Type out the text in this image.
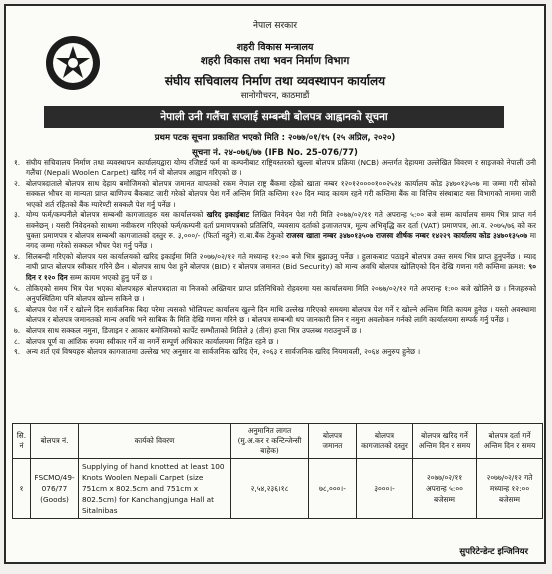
नेपाल सरकार
शहरी विकास मन्त्रालय
शहरी विकास तथा भवन निर्माण विभाग
संघीय सचिवालय निर्माण तथा व्यवस्थापन कार्यालय
सानोगौचरन, काठमाडौं
नेपाली उनी गलैंचा सप्लाई सम्बन्धी बोलपत्र आह्वानको सूचना
प्रथम पटक सूचना प्रकाशित भएको मिति : २०७७/०१/१५ (२५ अप्रिल, २०२०)
सूचना नं. २४-०७६/७७ (IFB No. 25-076/77)
१. संघीय सचिवालय निर्माण तथा व्यवस्थापन कार्यालयद्वारा योग्य रजिष्टर्ड फर्म वा कम्पनीबाट राष्ट्रियस्तरको खुल्ला बोलपत्र प्रक्रिया (NCB) अन्तर्गत देहायमा उल्लेखित विवरण र साइजको नेपाली उनी गलैंचा (Nepali Woolen Carpet) खरिद गर्न यो बोलपत्र आह्वान गरिएको छ ।
२. बोलपत्रदाताले बोलपत्र साथ देहाय बमोजिमको बोलपत्र जमानत वापतको रकम नेपाल राष्ट्र बैंकमा रहेको खाता नम्बर १२०१२००००१००२५२४ कार्यालय कोड ३४७०१३५०७ मा जम्मा गरी सोको सक्कल भौचर वा मान्यता प्राप्त बाणिज्य बैंकबाट जारी गरेको बोलपत्र पेश गर्ने अन्तिम मिति कम्तिमा १२० दिन म्याद कायम रहने गरी कम्तिमा बैंक वा वित्तिय संस्थाबाट यस विभागको नाममा जारी भएको शर्त रहितको बैंक ग्यारेण्टी सक्कलै पेश गर्नु पर्नेछ ।
३. योग्य फर्म/कम्पनीले बोलपत्र सम्बन्धी कागजातहरु यस कार्यालयको खरिद इकाईबाट लिखित निवेदन पेश गरी मिति २०७७/०२/११ गते अपरान्ह ५:०० बजे सम्म कार्यालय समय भित्र प्राप्त गर्न सक्नेछन् । यसरी निवेदनको साथमा नवीकरण गरिएको फर्म/कम्पनी दर्ता प्रमाणपत्रको प्रतिलिपि, व्यवसाय दर्ताको इजाजतपत्र, मूल्य अभिवृद्धि कर दर्ता (VAT) प्रमाणपत्र, आ.व. २०७५/७६ को कर चुक्ता प्रमाणपत्र र बोलपत्र सम्बन्धी कागजातको दस्तुर रु. ३,०००/- (फिर्ता नहुने) रा.बा.बैंक टेकुको राजस्व खाता नम्बर ३४७०१३५०७ राजस्व शीर्षक नम्बर १४२२९ कार्यालय कोड ३४७०१३५०७ मा नगद जम्मा गरेको सक्कल भौचर पेश गर्नु पर्नेछ ।
४. सिलबन्दी गरिएको बोलपत्र यस कार्यालयको खरिद इकाईमा मिति २०७७/०२/१२ गते मध्यान्ह १२:०० बजे भित्र बुझाउनु पर्नेछ । हुलाकबाट पठाइने बोलपत्र उक्त समय भित्र प्राप्त हुनुपर्नेछ । म्याद नाघी प्राप्त बोलपत्र स्वीकार गरिने छैन । बोलपत्र साथ पेश हुने बोलपत्र (BID) र बोलपत्र जमानत (Bid Security) को मान्य अवधि बोलपत्र खोलिएको दिन देखि गणना गरी कम्तिमा क्रमश: ९० दिन र १२० दिन सम्म कायम भएको हुनु पर्ने छ ।
५. तोकिएको समय भित्र पेश भएका बोलपत्रहरु बोलपत्रदाता वा निजको अख्तियार प्राप्त प्रतिनिधिको रोहवरमा यस कार्यालयमा मिति २०७७/०२/१२ गते अपरान्ह १:०० बजे खोलिने छ । निजहरुको अनुपस्थितिमा पनि बोलपत्र खोल्न सकिने छ ।
६. बोलपत्र पेश गर्ने र खोल्ने दिन सार्वजनिक बिदा परेमा त्यसको भोलिपल्ट कार्यालय खुल्ने दिन माथि उल्लेख गरिएको समयमा बोलपत्र पेश गर्ने र खोल्ने अन्तिम मिति कायम हुनेछ । यस्तो अवस्थामा बोलपत्र र बोलपत्र जमानतको मान्य अवधि भने साबिक कै मिति देखि गणना गरिने छ । बोलपत्र सम्बन्धी थप जानकारी लिन र नमुना अवलोकन गर्नको लागि कार्यालयमा सम्पर्क गर्नु पर्नेछ ।
७. बोलपत्र साथ सक्कल नमुना, डिजाइन र आकार बमोजिमको कार्पेट सम्भौताको मितिले ३ (तीन) हप्ता भित्र उपलब्ध गराउनुपर्ने छ ।
८. बोलपत्र पूर्ण वा आंशिक रुपमा स्वीकार गर्ने वा नगर्ने सम्पूर्ण अधिकार कार्यालयमा निहित रहने छ ।
९. अन्य शर्त एवं विषयहरु बोलपत्र कागजातमा उल्लेख भए अनुसार वा सार्वजनिक खरिद ऐन, २०६३ र सार्वजनिक खरिद नियमावली, २०६४ अनुरुप हुनेछ ।
सि. नं	बोलपत्र नं.	कार्यको विवरण	अनुमानित लागत (मु.अ.कर र कन्टिन्जेन्सी बाहेक)	बोलपत्र जमानत	बोलपत्र कागजातको दस्तुर	बोलपत्र खरिद गर्ने अन्तिम दिन र समय	बोलपत्र दर्ता गर्ने अन्तिम दिन र समय
१	FSCMO/49-076/77 (Goods)	Supplying of hand knotted at least 100 Knots Woolen Nepali Carpet (size 751cm x 802.5cm and 751cm x 802.5cm) for Kanchangjunga Hall at Sitalnibas	२,५४,२३६।१८	७८,०००।-	३०००।-	२०७७/०२/११ अपरान्ह ५:०० बजेसम्म	२०७७/०२/१२ गते मध्यान्ह १२:०० बजेसम्म
सुपरिटेन्डेन्ट इन्जिनियर
